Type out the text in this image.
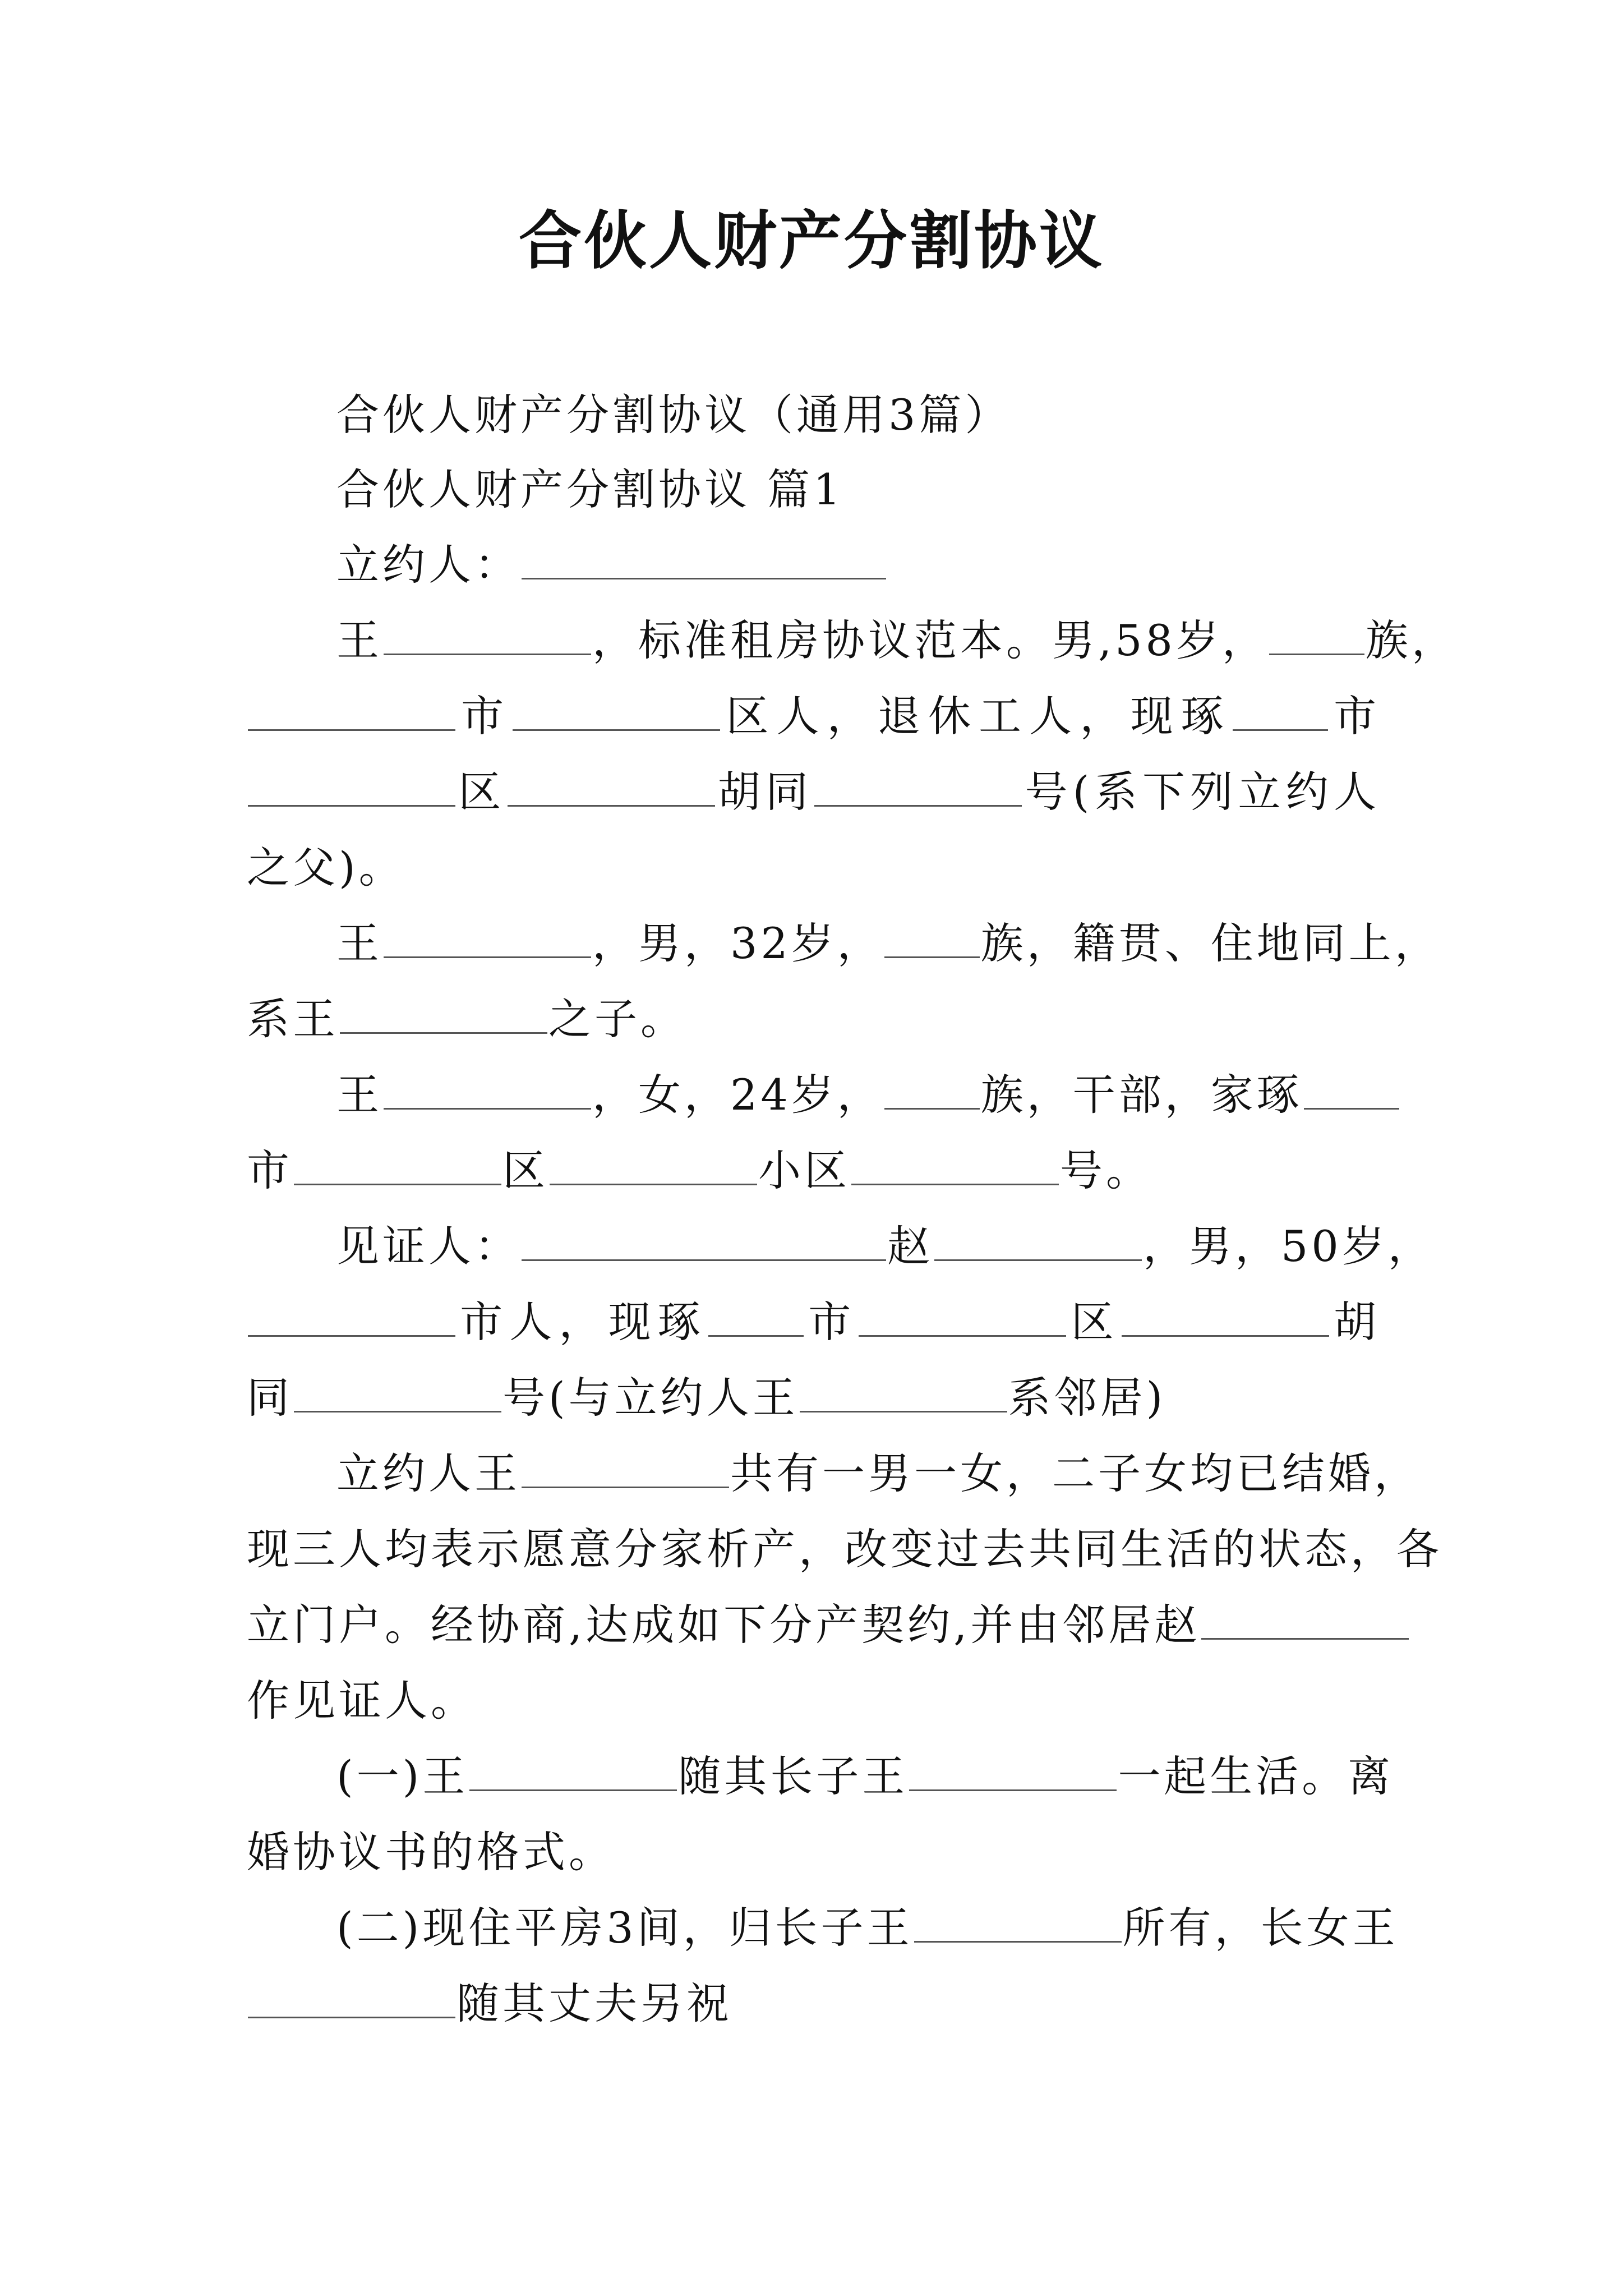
合伙人财产分割协议
合伙人财产分割协议（通用3篇）
合伙人财产分割协议 篇1
立约人：
王	，标准租房协议范本。男,58岁， 族，
市	区人，退休工人，现琢 市
区	胡同	号(系下列立约人
之父)。
王	，男，32岁， 族，籍贯、住地同上，
系王	之子。
王	，女，24岁， 族，干部，家琢
市	区	小区	号。
见证人：	赵	，男，50岁，
市人，现琢 市	区	胡
同	号(与立约人王	系邻居)
立约人王	共有一男一女，二子女均已结婚，
现三人均表示愿意分家析产，改变过去共同生活的状态，各
立门户。经协商,达成如下分产契约,并由邻居赵
作见证人。
(一)王	随其长子王	一起生活。离
婚协议书的格式。
(二)现住平房3间，归长子王	所有，长女王
随其丈夫另祝
